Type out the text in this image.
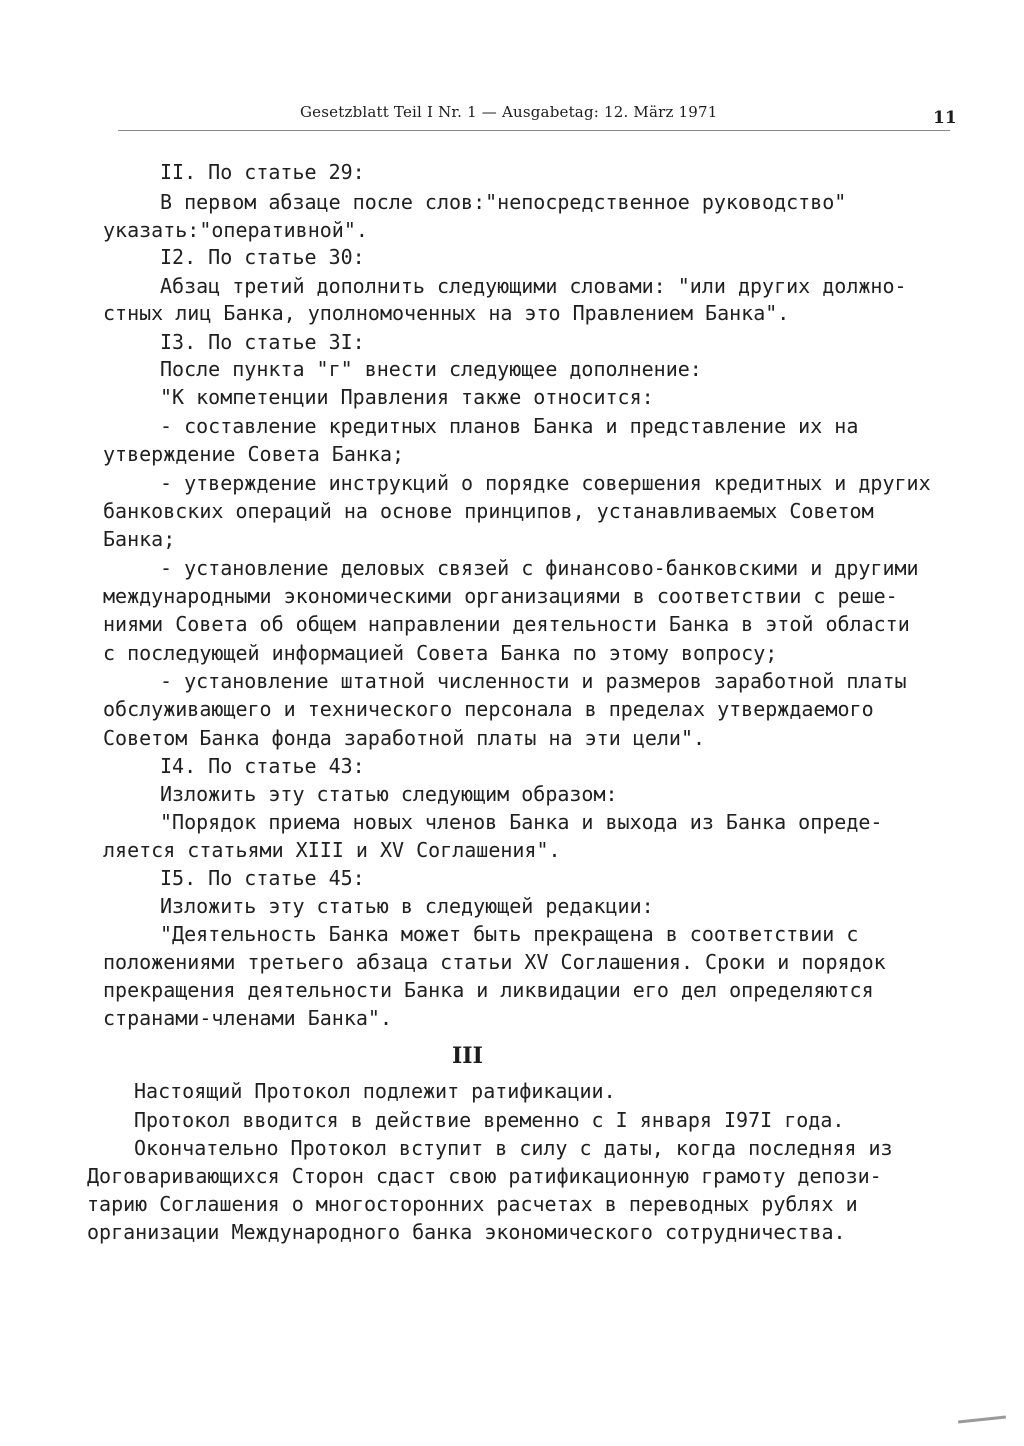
Gesetzblatt Teil I Nr. 1 — Ausgabetag: 12. März 1971	11
II. По статье 29:
В первом абзаце после слов:"непосредственное руководство"
указать:"оперативной".
I2. По статье 30:
Абзац третий дополнить следующими словами: "или других должно-
стных лиц Банка, уполномоченных на это Правлением Банка".
I3. По статье 3I:
После пункта "г" внести следующее дополнение:
"К компетенции Правления также относится:
- составление кредитных планов Банка и представление их на
утверждение Совета Банка;
- утверждение инструкций о порядке совершения кредитных и других
банковских операций на основе принципов, устанавливаемых Советом
Банка;
- установление деловых связей с финансово-банковскими и другими
международными экономическими организациями в соответствии с реше-
ниями Совета об общем направлении деятельности Банка в этой области
с последующей информацией Совета Банка по этому вопросу;
- установление штатной численности и размеров заработной платы
обслуживающего и технического персонала в пределах утверждаемого
Советом Банка фонда заработной платы на эти цели".
I4. По статье 43:
Изложить эту статью следующим образом:
"Порядок приема новых членов Банка и выхода из Банка опреде-
ляется статьями XIII и XV Соглашения".
I5. По статье 45:
Изложить эту статью в следующей редакции:
"Деятельность Банка может быть прекращена в соответствии с
положениями третьего абзаца статьи XV Соглашения. Сроки и порядок
прекращения деятельности Банка и ликвидации его дел определяются
странами-членами Банка".
III
Настоящий Протокол подлежит ратификации.
Протокол вводится в действие временно с I января I97I года.
Окончательно Протокол вступит в силу с даты, когда последняя из
Договаривающихся Сторон сдаст свою ратификационную грамоту депози-
тарию Соглашения о многосторонних расчетах в переводных рублях и
организации Международного банка экономического сотрудничества.
